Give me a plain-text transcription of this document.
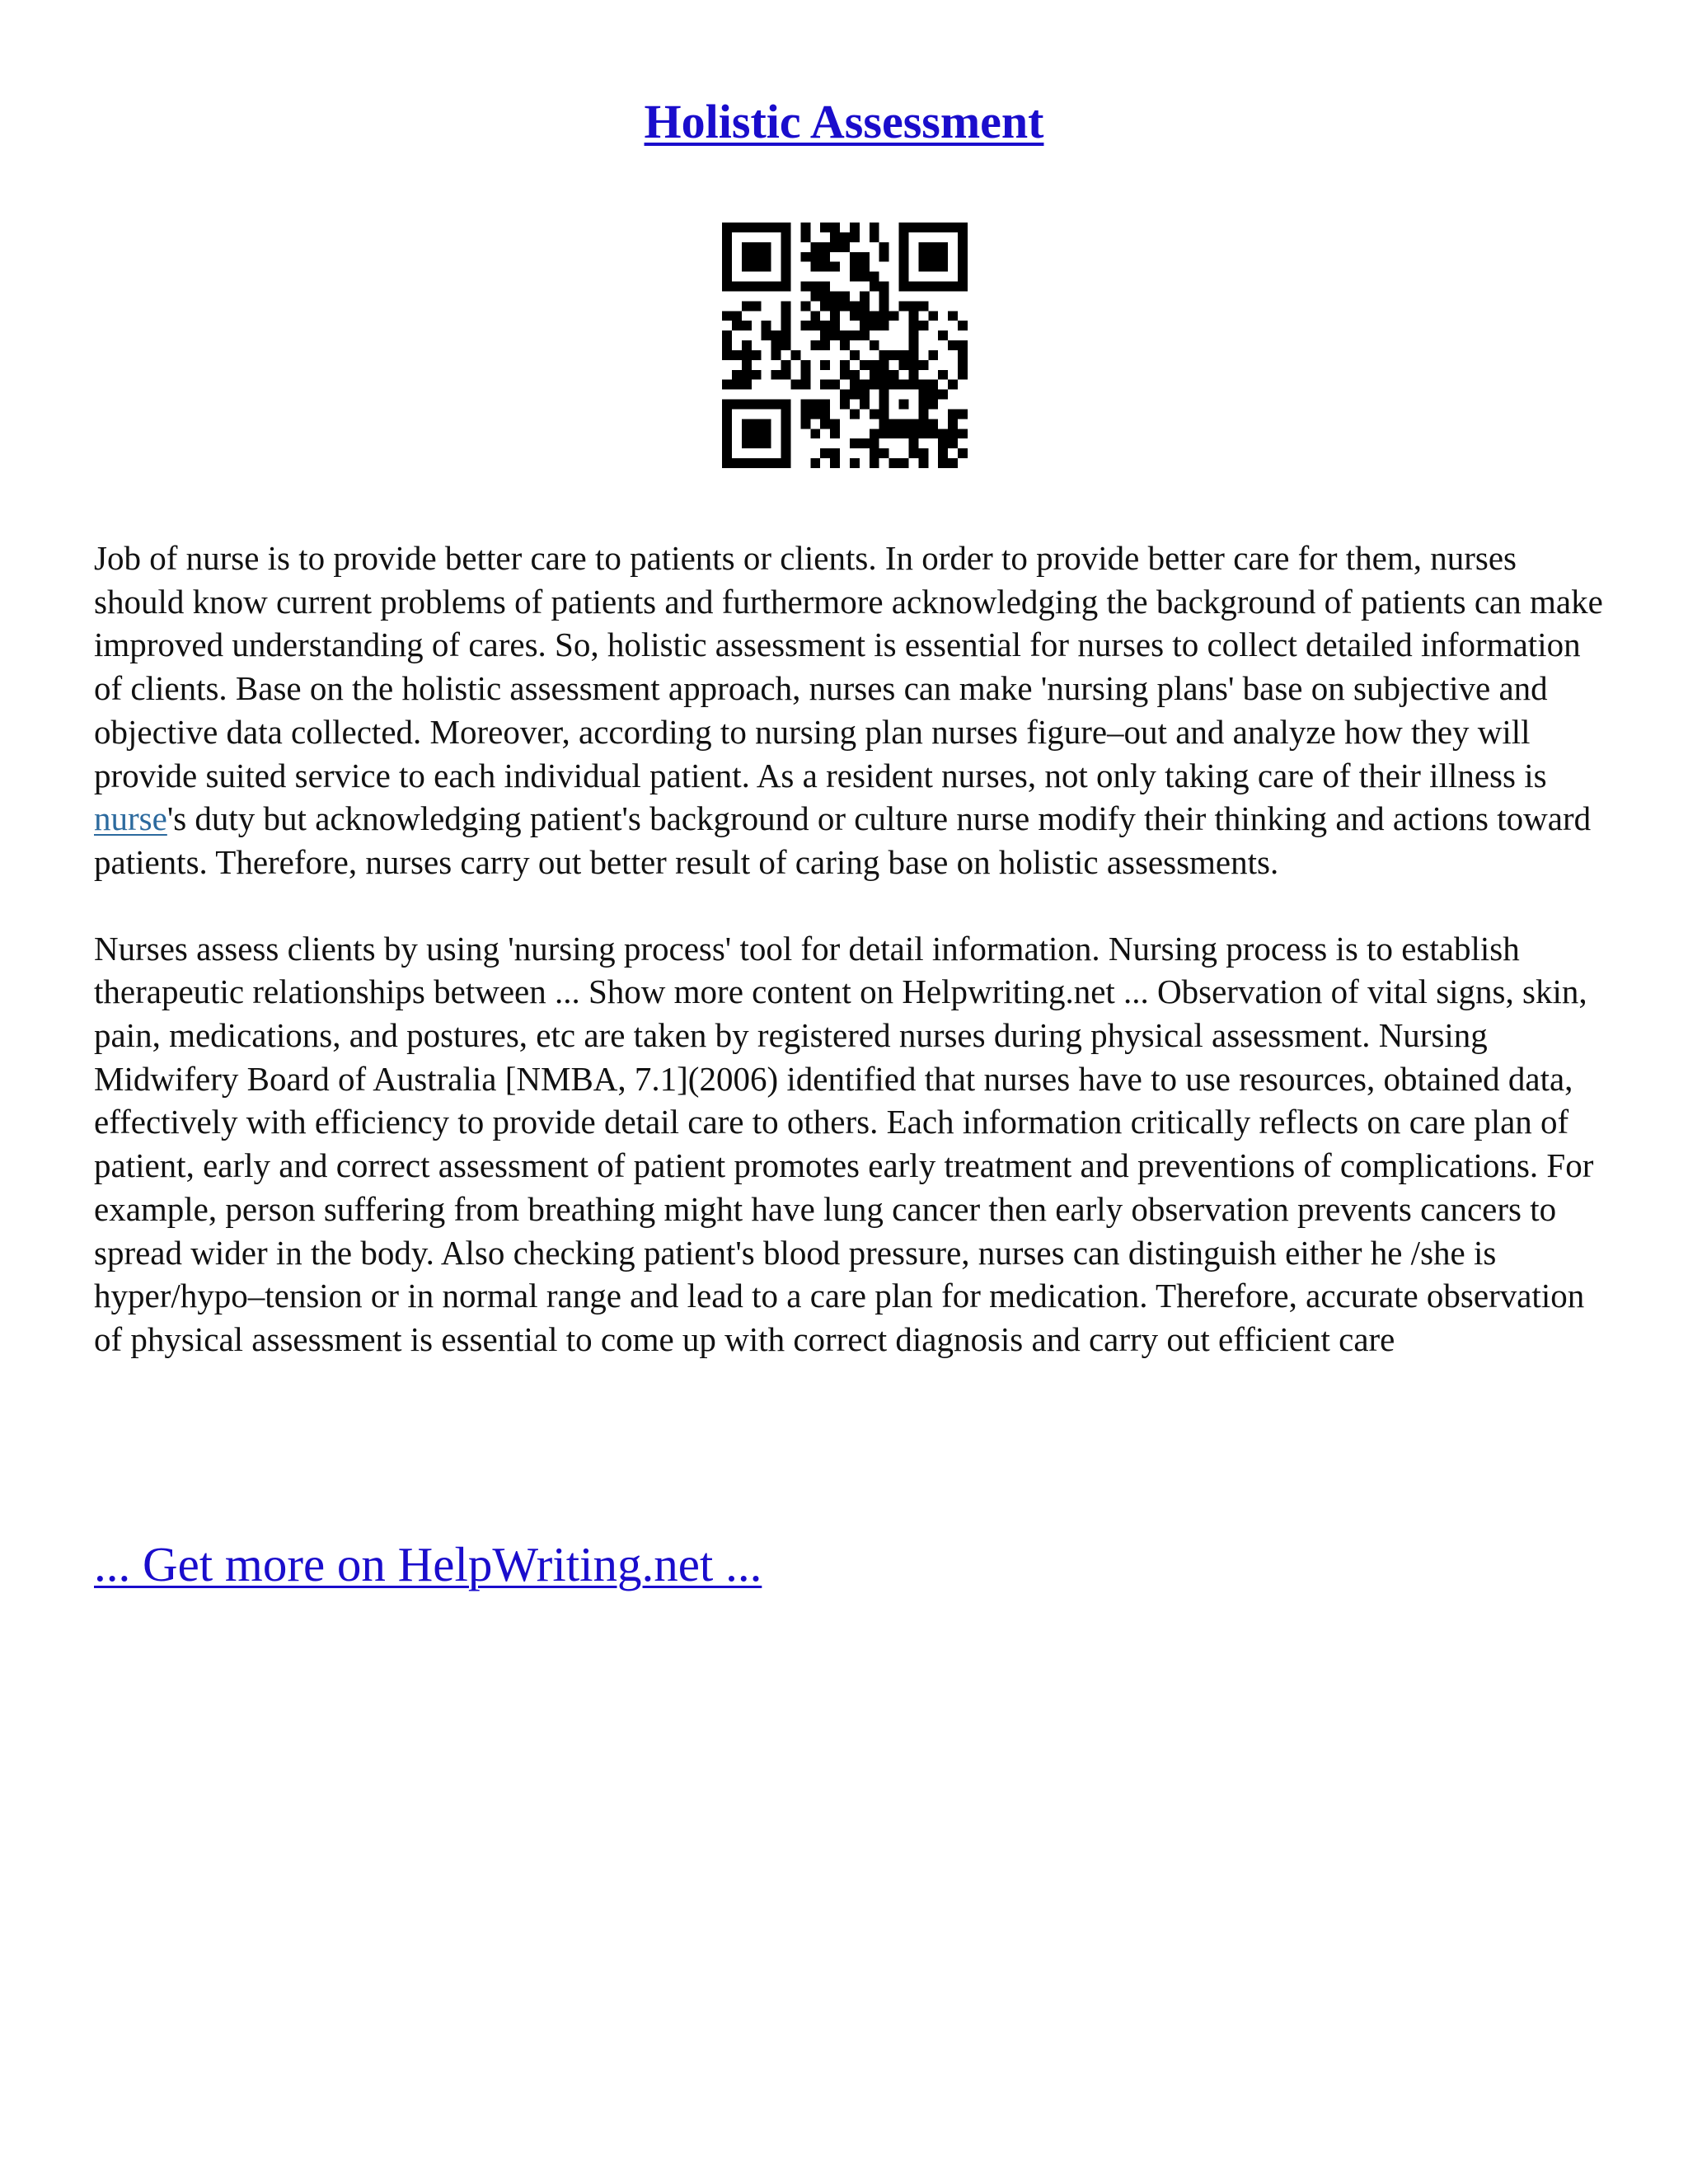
Holistic Assessment

Job of nurse is to provide better care to patients or clients. In order to provide better care for them, nurses should know current problems of patients and furthermore acknowledging the background of patients can make improved understanding of cares. So, holistic assessment is essential for nurses to collect detailed information of clients. Base on the holistic assessment approach, nurses can make 'nursing plans' base on subjective and objective data collected. Moreover, according to nursing plan nurses figure–out and analyze how they will provide suited service to each individual patient. As a resident nurses, not only taking care of their illness is nurse's duty but acknowledging patient's background or culture nurse modify their thinking and actions toward patients. Therefore, nurses carry out better result of caring base on holistic assessments.

Nurses assess clients by using 'nursing process' tool for detail information. Nursing process is to establish therapeutic relationships between ... Show more content on Helpwriting.net ... Observation of vital signs, skin, pain, medications, and postures, etc are taken by registered nurses during physical assessment. Nursing Midwifery Board of Australia [NMBA, 7.1](2006) identified that nurses have to use resources, obtained data, effectively with efficiency to provide detail care to others. Each information critically reflects on care plan of patient, early and correct assessment of patient promotes early treatment and preventions of complications. For example, person suffering from breathing might have lung cancer then early observation prevents cancers to spread wider in the body. Also checking patient's blood pressure, nurses can distinguish either he /she is hyper/hypo–tension or in normal range and lead to a care plan for medication. Therefore, accurate observation of physical assessment is essential to come up with correct diagnosis and carry out efficient care

... Get more on HelpWriting.net ...
